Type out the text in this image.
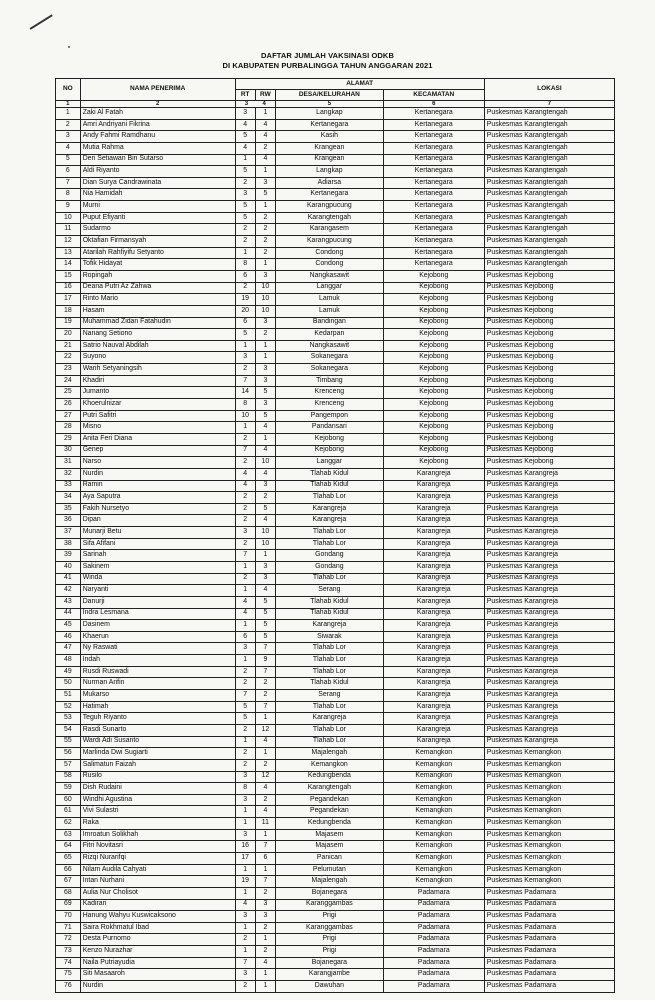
DAFTAR JUMLAH VAKSINASI ODKB
DI KABUPATEN PURBALINGGA TAHUN ANGGARAN 2021
NO	NAMA PENERIMA	ALAMAT				LOKASI
		RT	RW	DESA/KELURAHAN	KECAMATAN	
1	2	3 4		5	6	7
1	Zaki Al Fatah	3	1	Langkap	Kertanegara	Puskesmas Karangtengah
2	Amri Andriyani Fikrina	4	4	Kertanegara	Kertanegara	Puskesmas Karangtengah
3	Andy Fahmi Ramdhanu	5	4	Kasih	Kertanegara	Puskesmas Karangtengah
4	Mutia Rahma	4	2	Krangean	Kertanegara	Puskesmas Karangtengah
5	Deri Setiawan Bin Sutarso	1	4	Krangean	Kertanegara	Puskesmas Karangtengah
6	Aldi Riyanto	5	1	Langkap	Kertanegara	Puskesmas Karangtengah
7	Dian Surya Candrawinata	2	3	Adiarsa	Kertanegara	Puskesmas Karangtengah
8	Nia Hamidah	3	5	Kertanegara	Kertanegara	Puskesmas Karangtengah
9	Murni	5	1	Karangpucung	Kertanegara	Puskesmas Karangtengah
10	Puput Efiyanti	5	2	Karangtengah	Kertanegara	Puskesmas Karangtengah
11	Sudarmo	2	2	Karangasem	Kertanegara	Puskesmas Karangtengah
12	Oktafian Firmansyah	2	2	Karangpucung	Kertanegara	Puskesmas Karangtengah
13	Atarilah Rahfiyifu Setyanto	1	2	Condong	Kertanegara	Puskesmas Karangtengah
14	Tofik Hidayat	8	1	Condong	Kertanegara	Puskesmas Karangtengah
15	Ropingah	6	3	Nangkasawit	Kejobong	Puskesmas Kejobong
16	Deana Putri Az Zahwa	2	10	Langgar	Kejobong	Puskesmas Kejobong
17	Rinto Mario	19	10	Lamuk	Kejobong	Puskesmas Kejobong
18	Hasam	20	10	Lamuk	Kejobong	Puskesmas Kejobong
19	Muhammad Zidan Fatahudin	6	3	Bandingan	Kejobong	Puskesmas Kejobong
20	Nanang Setiono	5	2	Kedarpan	Kejobong	Puskesmas Kejobong
21	Satrio Nauval Abdilah	1	1	Nangkasawit	Kejobong	Puskesmas Kejobong
22	Suyono	3	1	Sokanegara	Kejobong	Puskesmas Kejobong
23	Warih Setyaningsih	2	3	Sokanegara	Kejobong	Puskesmas Kejobong
24	Khadiri	7	3	Timbang	Kejobong	Puskesmas Kejobong
25	Jumanto	14	5	Krenceng	Kejobong	Puskesmas Kejobong
26	Khoerulnizar	8	3	Krenceng	Kejobong	Puskesmas Kejobong
27	Putri Safitri	10	5	Pangempon	Kejobong	Puskesmas Kejobong
28	Misno	1	4	Pandansari	Kejobong	Puskesmas Kejobong
29	Anita Feri Diana	2	1	Kejobong	Kejobong	Puskesmas Kejobong
30	Genep	7	4	Kejobong	Kejobong	Puskesmas Kejobong
31	Narso	2	10	Langgar	Kejobong	Puskesmas Kejobong
32	Nurdin	4	4	Tlahab Kidul	Karangreja	Puskesmas Karangreja
33	Ramin	4	3	Tlahab Kidul	Karangreja	Puskesmas Karangreja
34	Aya Saputra	2	2	Tlahab Lor	Karangreja	Puskesmas Karangreja
35	Fakih Nursetyo	2	5	Karangreja	Karangreja	Puskesmas Karangreja
36	Dipan	2	4	Karangreja	Karangreja	Puskesmas Karangreja
37	Munarji Betu	3	10	Tlahab Lor	Karangreja	Puskesmas Karangreja
38	Sifa Afifani	2	10	Tlahab Lor	Karangreja	Puskesmas Karangreja
39	Sarinah	7	1	Gondang	Karangreja	Puskesmas Karangreja
40	Sakinem	1	3	Gondang	Karangreja	Puskesmas Karangreja
41	Winda	2	3	Tlahab Lor	Karangreja	Puskesmas Karangreja
42	Naryanti	1	4	Serang	Karangreja	Puskesmas Karangreja
43	Danurji	4	5	Tlahab Kidul	Karangreja	Puskesmas Karangreja
44	Indra Lesmana	4	5	Tlahab Kidul	Karangreja	Puskesmas Karangreja
45	Dasinem	1	5	Karangreja	Karangreja	Puskesmas Karangreja
46	Khaerun	6	5	Siwarak	Karangreja	Puskesmas Karangreja
47	Ny Raswati	3	7	Tlahab Lor	Karangreja	Puskesmas Karangreja
48	Indah	1	9	Tlahab Lor	Karangreja	Puskesmas Karangreja
49	Rusdi Ruswadi	2	7	Tlahab Lor	Karangreja	Puskesmas Karangreja
50	Nurman Arifin	2	2	Tlahab Kidul	Karangreja	Puskesmas Karangreja
51	Mukarso	7	2	Serang	Karangreja	Puskesmas Karangreja
52	Hatimah	5	7	Tlahab Lor	Karangreja	Puskesmas Karangreja
53	Teguh Riyanto	5	1	Karangreja	Karangreja	Puskesmas Karangreja
54	Rasdi Sunarto	2	12	Tlahab Lor	Karangreja	Puskesmas Karangreja
55	Wardi Adi Susanto	1	4	Tlahab Lor	Karangreja	Puskesmas Karangreja
56	Marlinda Dwi Sugiarti	2	1	Majalengah	Kemangkon	Puskesmas Kemangkon
57	Salimatun Faizah	2	2	Kemangkon	Kemangkon	Puskesmas Kemangkon
58	Rusilo	3	12	Kedungbenda	Kemangkon	Puskesmas Kemangkon
59	Dish Rudaini	8	4	Karangtengah	Kemangkon	Puskesmas Kemangkon
60	Windhi Agustina	3	2	Pegandekan	Kemangkon	Puskesmas Kemangkon
61	Vivi Sulastri	1	4	Pegandekan	Kemangkon	Puskesmas Kemangkon
62	Raka	1	11	Kedungbenda	Kemangkon	Puskesmas Kemangkon
63	Imroatun Solikhah	3	1	Majasem	Kemangkon	Puskesmas Kemangkon
64	Fitri Novitasri	16	7	Majasem	Kemangkon	Puskesmas Kemangkon
65	Rizqi Nurarifqi	17	6	Panican	Kemangkon	Puskesmas Kemangkon
66	Nilam Audila Cahyati	1	1	Pelumutan	Kemangkon	Puskesmas Kemangkon
67	Intan Nurhani	19	7	Majalengah	Kemangkon	Puskesmas Kemangkon
68	Aulia Nur Cholisot	1	2	Bojanegara	Padamara	Puskesmas Padamara
69	Kadiran	4	3	Karanggambas	Padamara	Puskesmas Padamara
70	Hanung Wahyu Kuswicaksono	3	3	Prigi	Padamara	Puskesmas Padamara
71	Saira Rokhmatul Ibad	1	2	Karanggambas	Padamara	Puskesmas Padamara
72	Desta Purnomo	2	1	Prigi	Padamara	Puskesmas Padamara
73	Kenzo Nurazhar	1	2	Prigi	Padamara	Puskesmas Padamara
74	Naila Putriayudia	7	4	Bojanegara	Padamara	Puskesmas Padamara
75	Siti Masaaroh	3	1	Karangjambe	Padamara	Puskesmas Padamara
76	Nurdin	2	1	Dawuhan	Padamara	Puskesmas Padamara
